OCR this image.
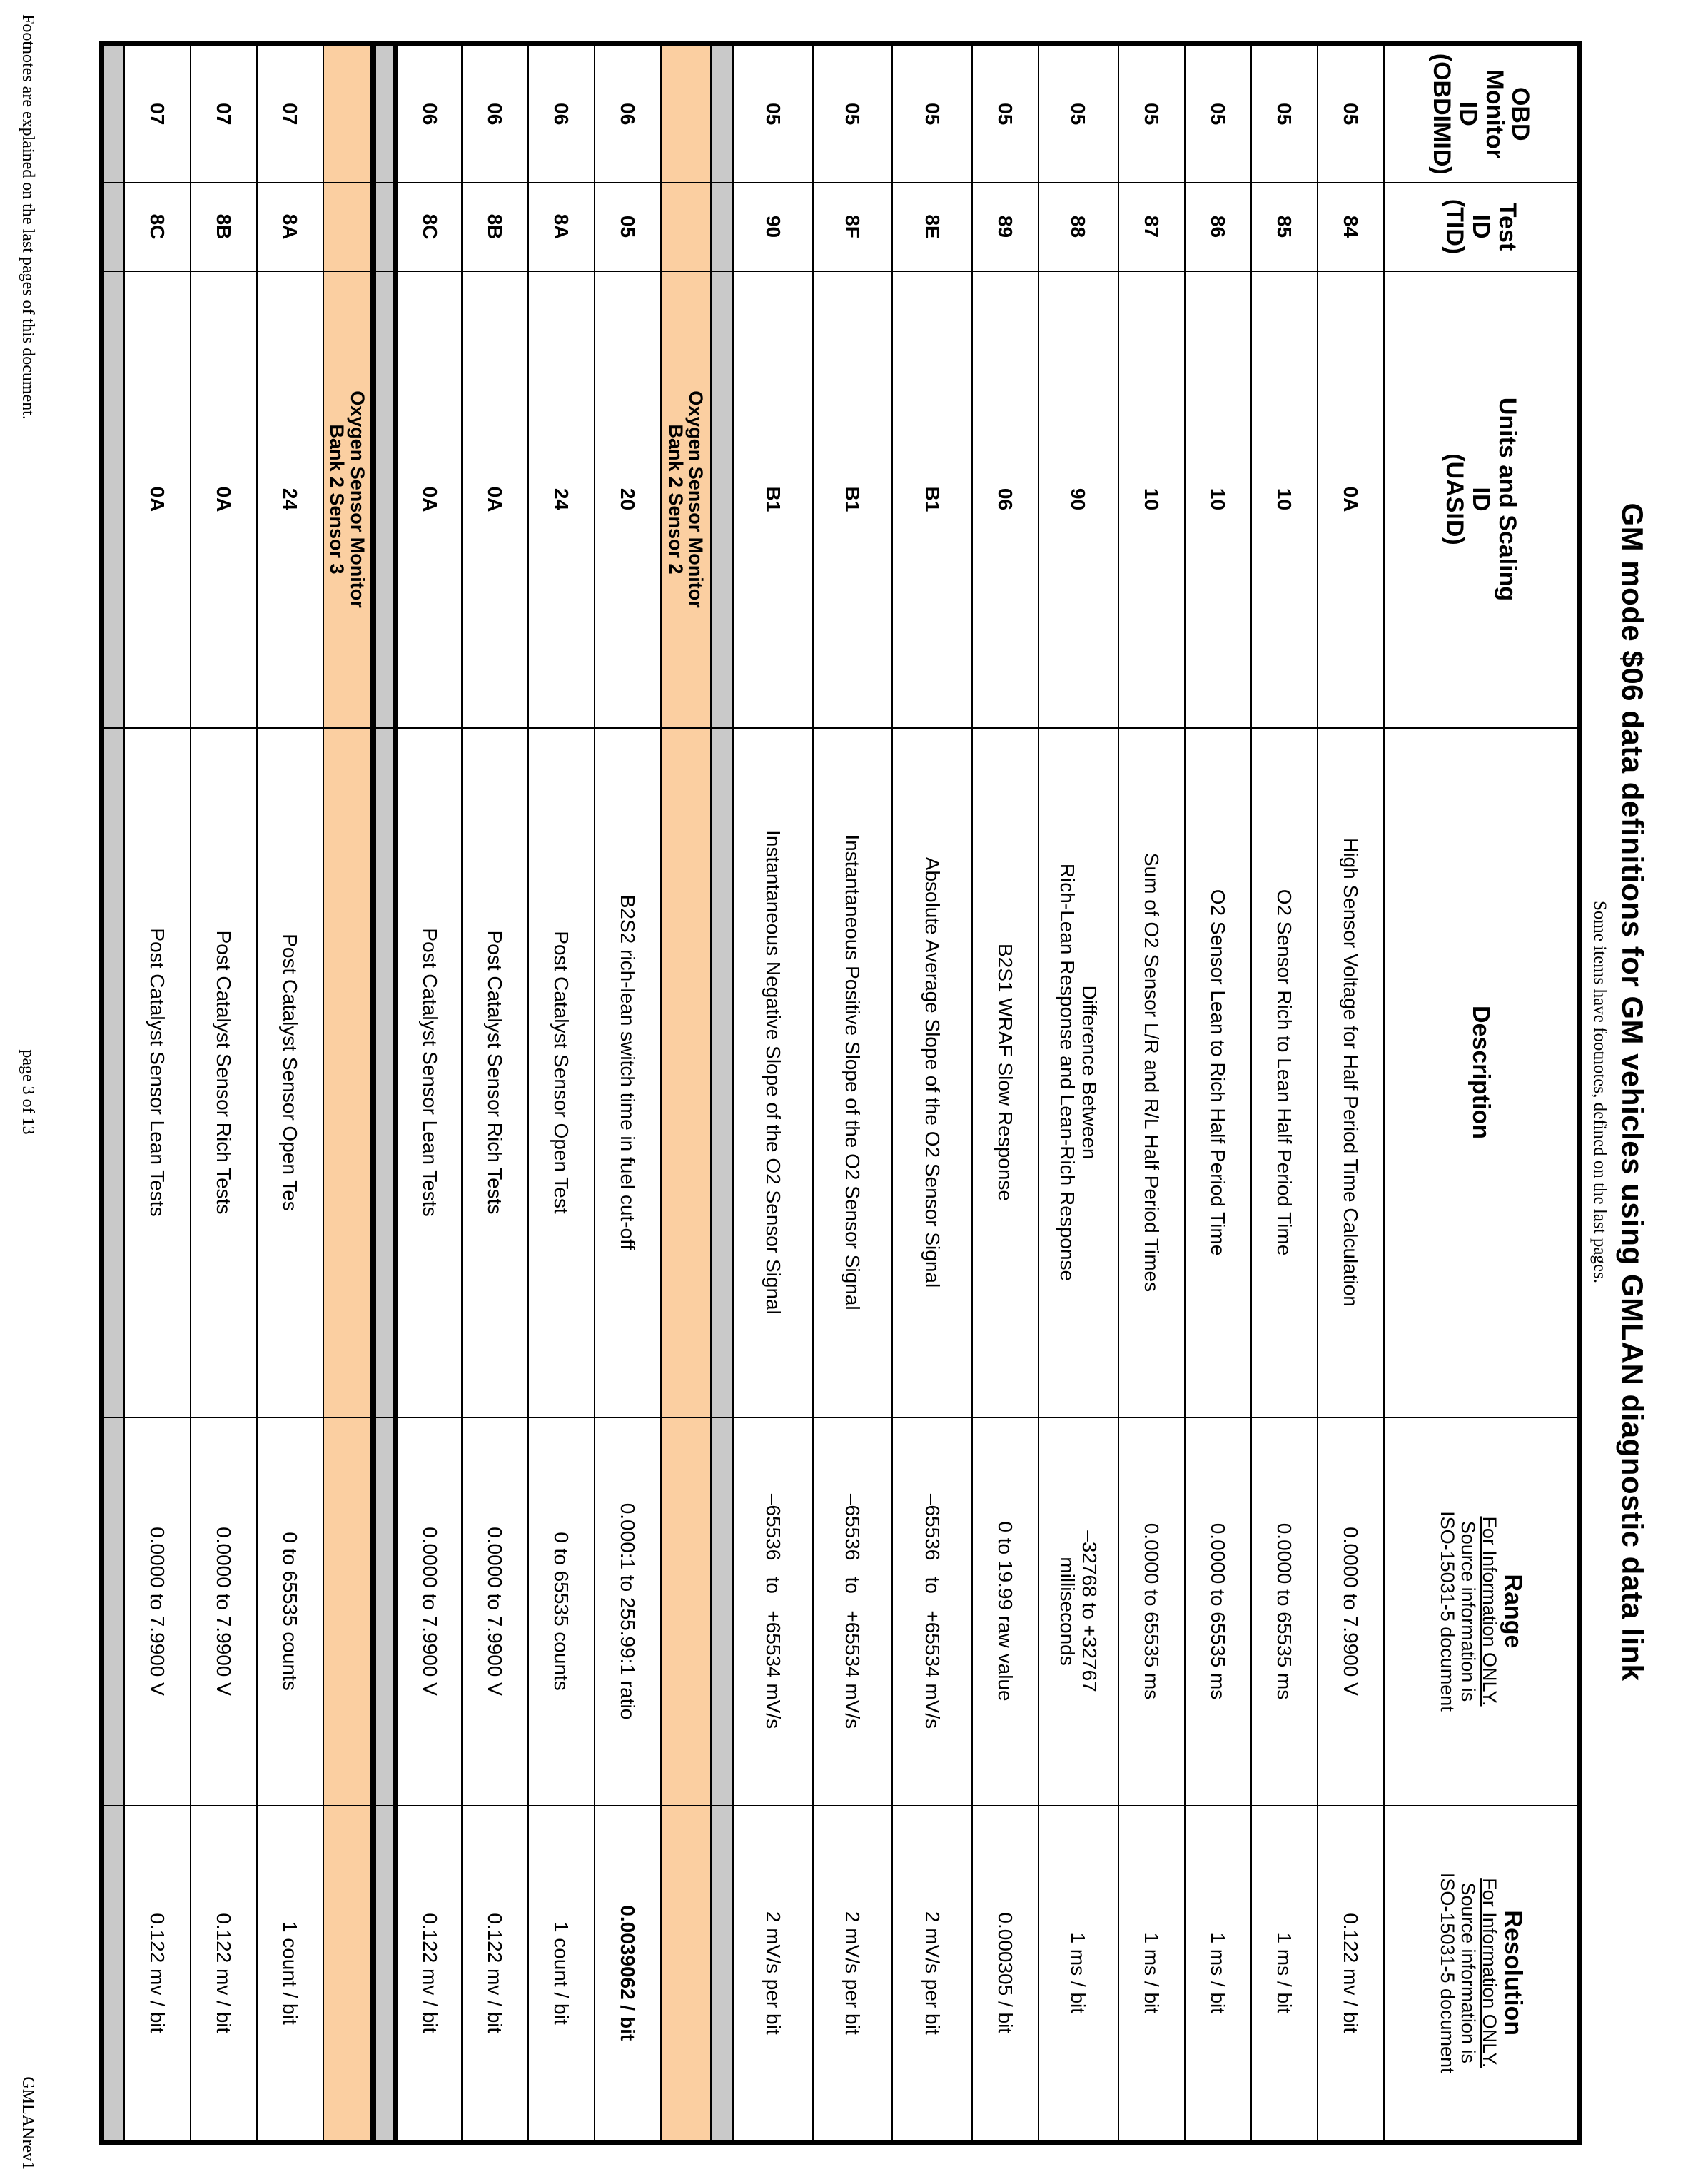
GM mode $06 data definitions for GM vehicles using GMLAN diagnostic data link
Some items have footnotes, defined on the last pages.
OBD Monitor
ID
(OBDIMID)	Test
ID
(TID)	Units and Scaling
ID
(UASID)	Description	Range
For Information ONLY.
Source information is
ISO-15031-5 document	Resolution
For Information ONLY.
Source information is
ISO-15031-5 document

05	84	0A	High Sensor Voltage for Half Period Time Calculation	0.0000 to 7.9900 V	0.122 mv / bit
05	85	10	O2 Sensor Rich to Lean Half Period Time	0.0000 to 65535 ms	1 ms / bit
05	86	10	O2 Sensor Lean to Rich Half Period Time	0.0000 to 65535 ms	1 ms / bit
05	87	10	Sum of O2 Sensor L/R and R/L Half Period Times	0.0000 to 65535 ms	1 ms / bit
05	88	90	Difference Between
Rich-Lean Response and Lean-Rich Response	–32768 to +32767
milliseconds	1 ms / bit
05	89	06	B2S1 WRAF Slow Response	0 to 19.99 raw value	0.000305 / bit
05	8E	B1	Absolute Average Slope of the O2 Sensor Signal	–65536   to   +65534 mV/s	2 mV/s per bit
05	8F	B1	Instantaneous Positive Slope of the O2 Sensor Signal	–65536   to   +65534 mV/s	2 mV/s per bit
05	90	B1	Instantaneous Negative Slope of the O2 Sensor Signal	–65536   to   +65534 mV/s	2 mV/s per bit

		Oxygen Sensor Monitor
Bank 2 Sensor 2			
06	05	20	B2S2 rich-lean switch time in fuel cut-off	0.000:1 to 255.99:1 ratio	0.0039062 / bit
06	8A	24	Post Catalyst Sensor Open Test	0 to 65535 counts	1 count / bit
06	8B	0A	Post Catalyst Sensor Rich Tests	0.0000 to 7.9900 V	0.122 mv / bit
06	8C	0A	Post Catalyst Sensor Lean Tests	0.0000 to 7.9900 V	0.122 mv / bit

		Oxygen Sensor Monitor
Bank 2 Sensor 3			
07	8A	24	Post Catalyst Sensor Open Tes	0 to 65535 counts	1 count / bit
07	8B	0A	Post Catalyst Sensor Rich Tests	0.0000 to 7.9900 V	0.122 mv / bit
07	8C	0A	Post Catalyst Sensor Lean Tests	0.0000 to 7.9900 V	0.122 mv / bit

Footnotes are explained on the last pages of this document.
page 3 of 13
GMLANrev1
